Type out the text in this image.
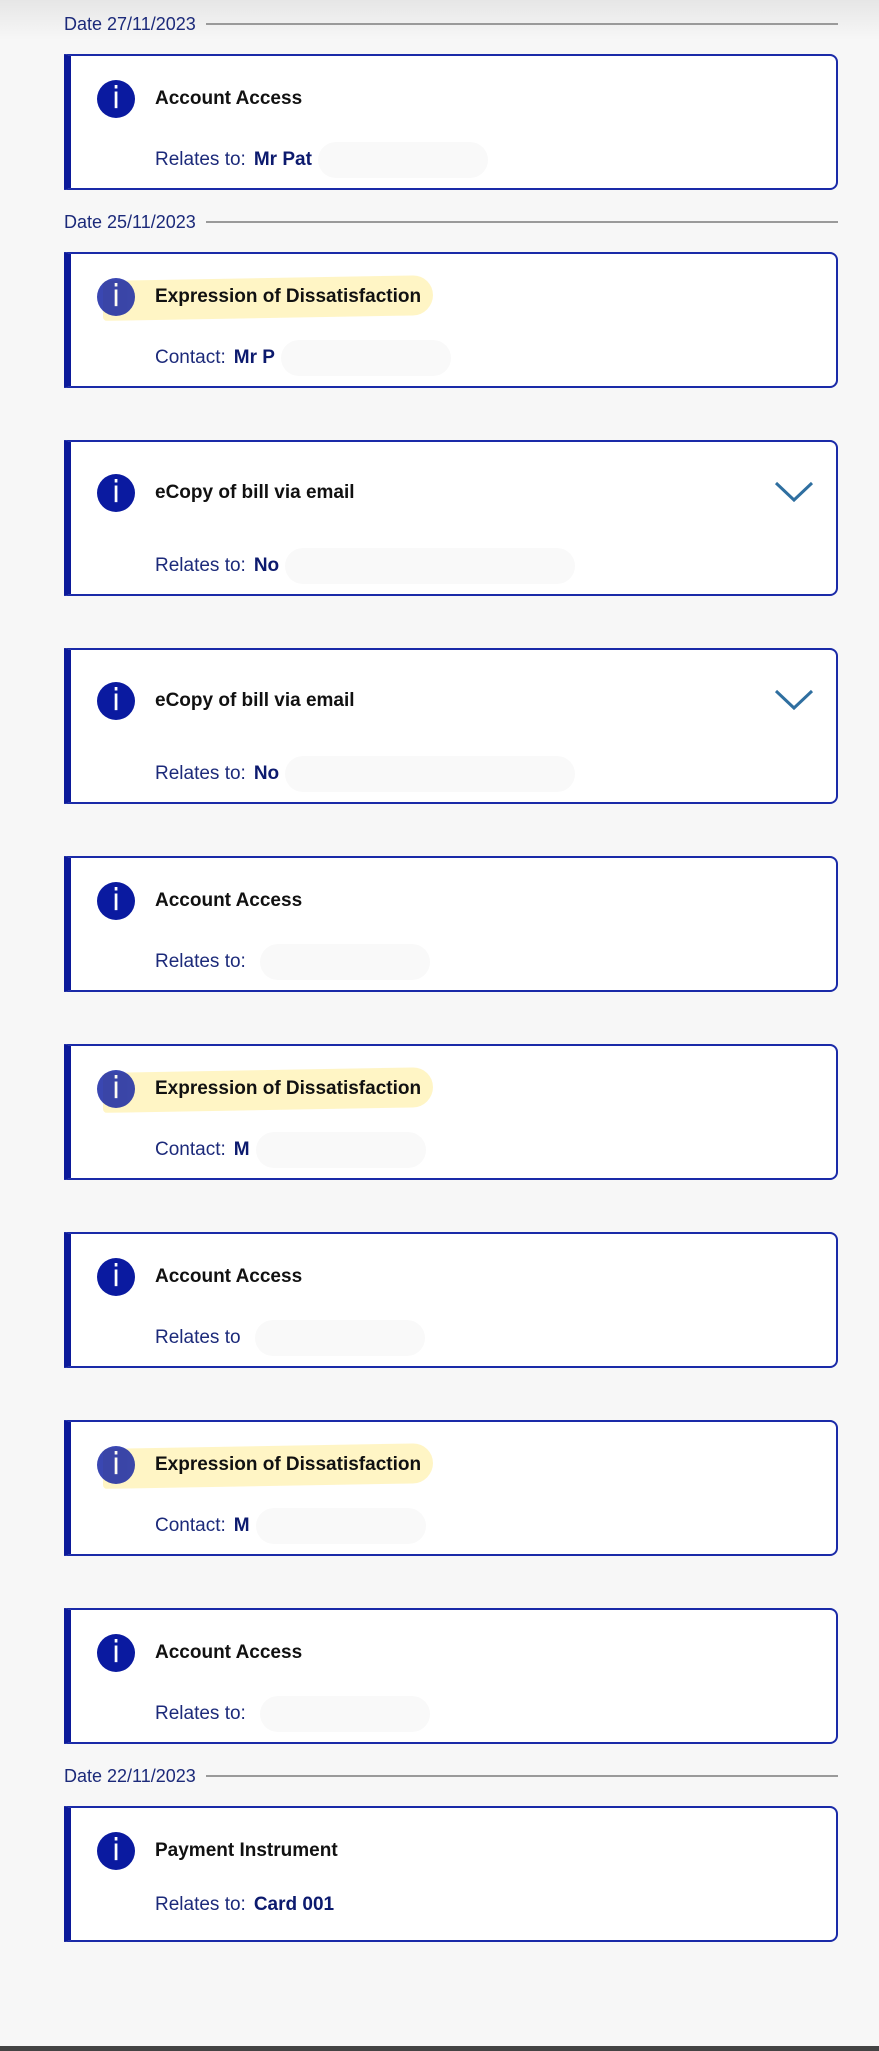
Date 27/11/2023
i	Account Access
Relates to: Mr Pat
Date 25/11/2023
i	Expression of Dissatisfaction
Contact: Mr P
i	eCopy of bill via email
Relates to: No
i	eCopy of bill via email
Relates to: No
i	Account Access
Relates to:
i	Expression of Dissatisfaction
Contact: M
i	Account Access
Relates to
i	Expression of Dissatisfaction
Contact: M
i	Account Access
Relates to:
Date 22/11/2023
i	Payment Instrument
Relates to: Card 001
